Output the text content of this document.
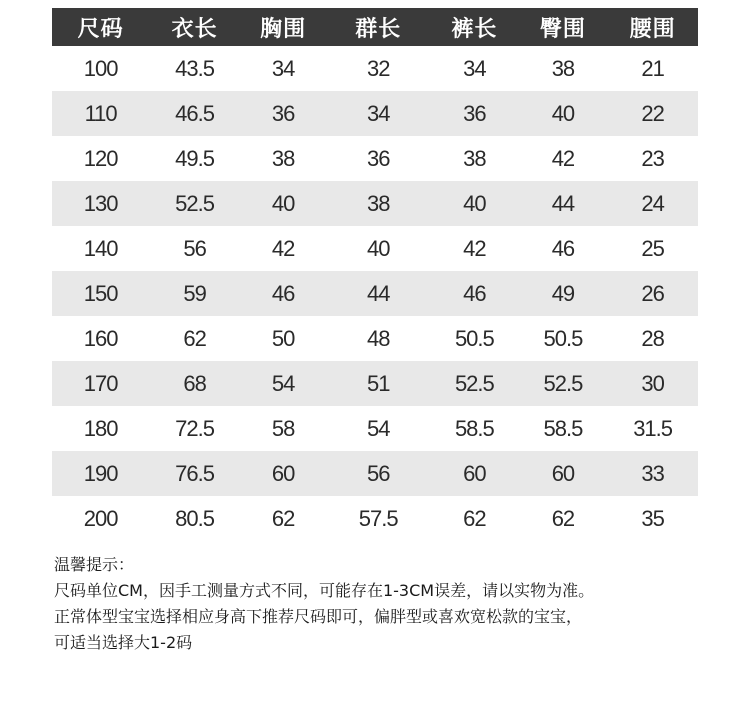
尺码	衣长	胸围	群长	裤长	臀围	腰围
100	43.5	34	32	34	38	21
110	46.5	36	34	36	40	22
120	49.5	38	36	38	42	23
130	52.5	40	38	40	44	24
140	56	42	40	42	46	25
150	59	46	44	46	49	26
160	62	50	48	50.5	50.5	28
170	68	54	51	52.5	52.5	30
180	72.5	58	54	58.5	58.5	31.5
190	76.5	60	56	60	60	33
200	80.5	62	57.5	62	62	35
温馨提示：
尺码单位CM，因手工测量方式不同，可能存在1-3CM误差，请以实物为准。
正常体型宝宝选择相应身高下推荐尺码即可，偏胖型或喜欢宽松款的宝宝，
可适当选择大1-2码
